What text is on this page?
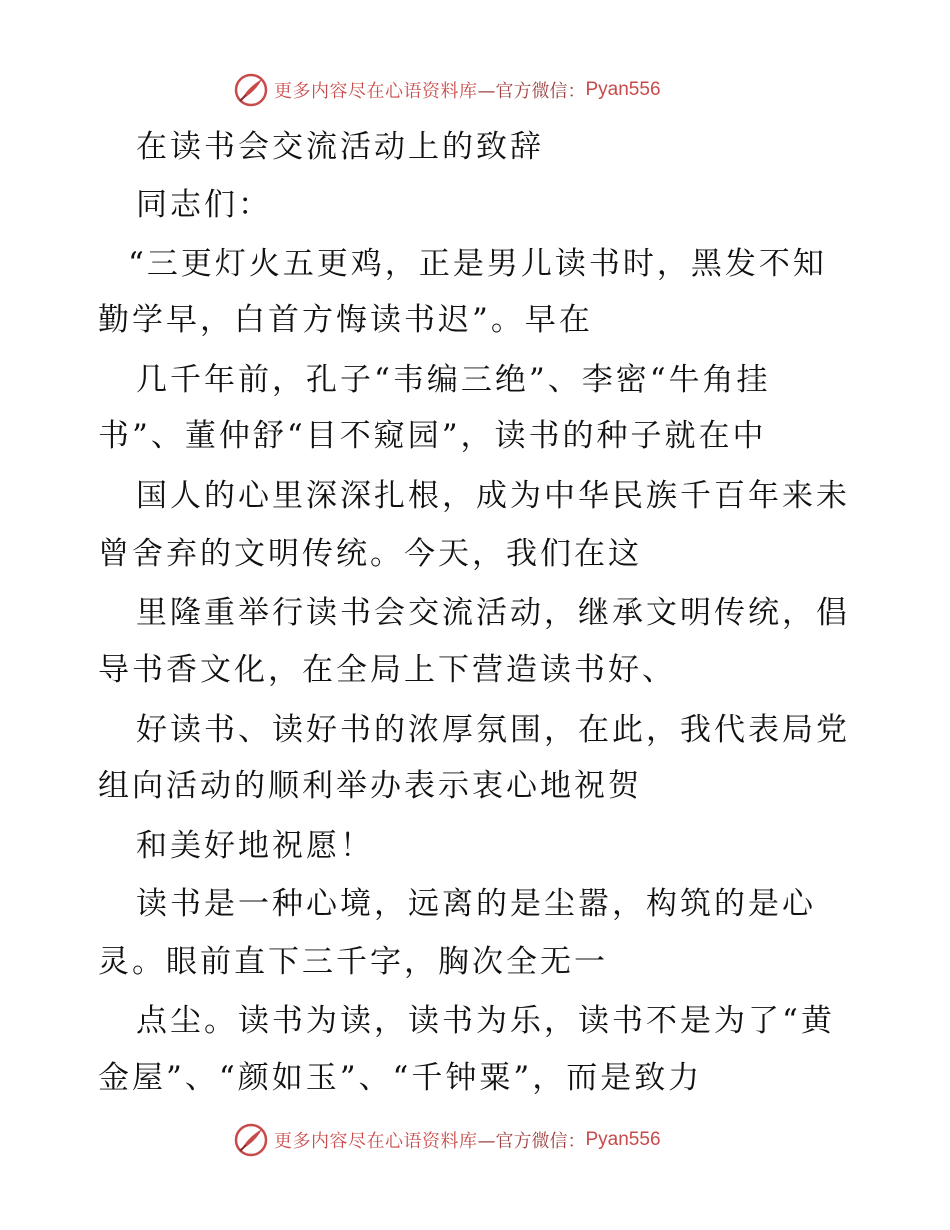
更多内容尽在心语资料库 —官方微信： Pyan556
在读书会交流活动上的致辞
同志们：
“三更灯火五更鸡，正是男儿读书时，黑发不知
勤学早，白首方悔读书迟”。早在
几千年前，孔子“韦编三绝”、李密“牛角挂
书”、董仲舒“目不窥园”，读书的种子就在中
国人的心里深深扎根，成为中华民族千百年来未
曾舍弃的文明传统。今天，我们在这
里隆重举行读书会交流活动，继承文明传统，倡
导书香文化，在全局上下营造读书好、
好读书、读好书的浓厚氛围，在此，我代表局党
组向活动的顺利举办表示衷心地祝贺
和美好地祝愿！
读书是一种心境，远离的是尘嚣，构筑的是心
灵。眼前直下三千字，胸次全无一
点尘。读书为读，读书为乐，读书不是为了“黄
金屋”、“颜如玉”、“千钟粟”，而是致力
更多内容尽在心语资料库 —官方微信： Pyan556
